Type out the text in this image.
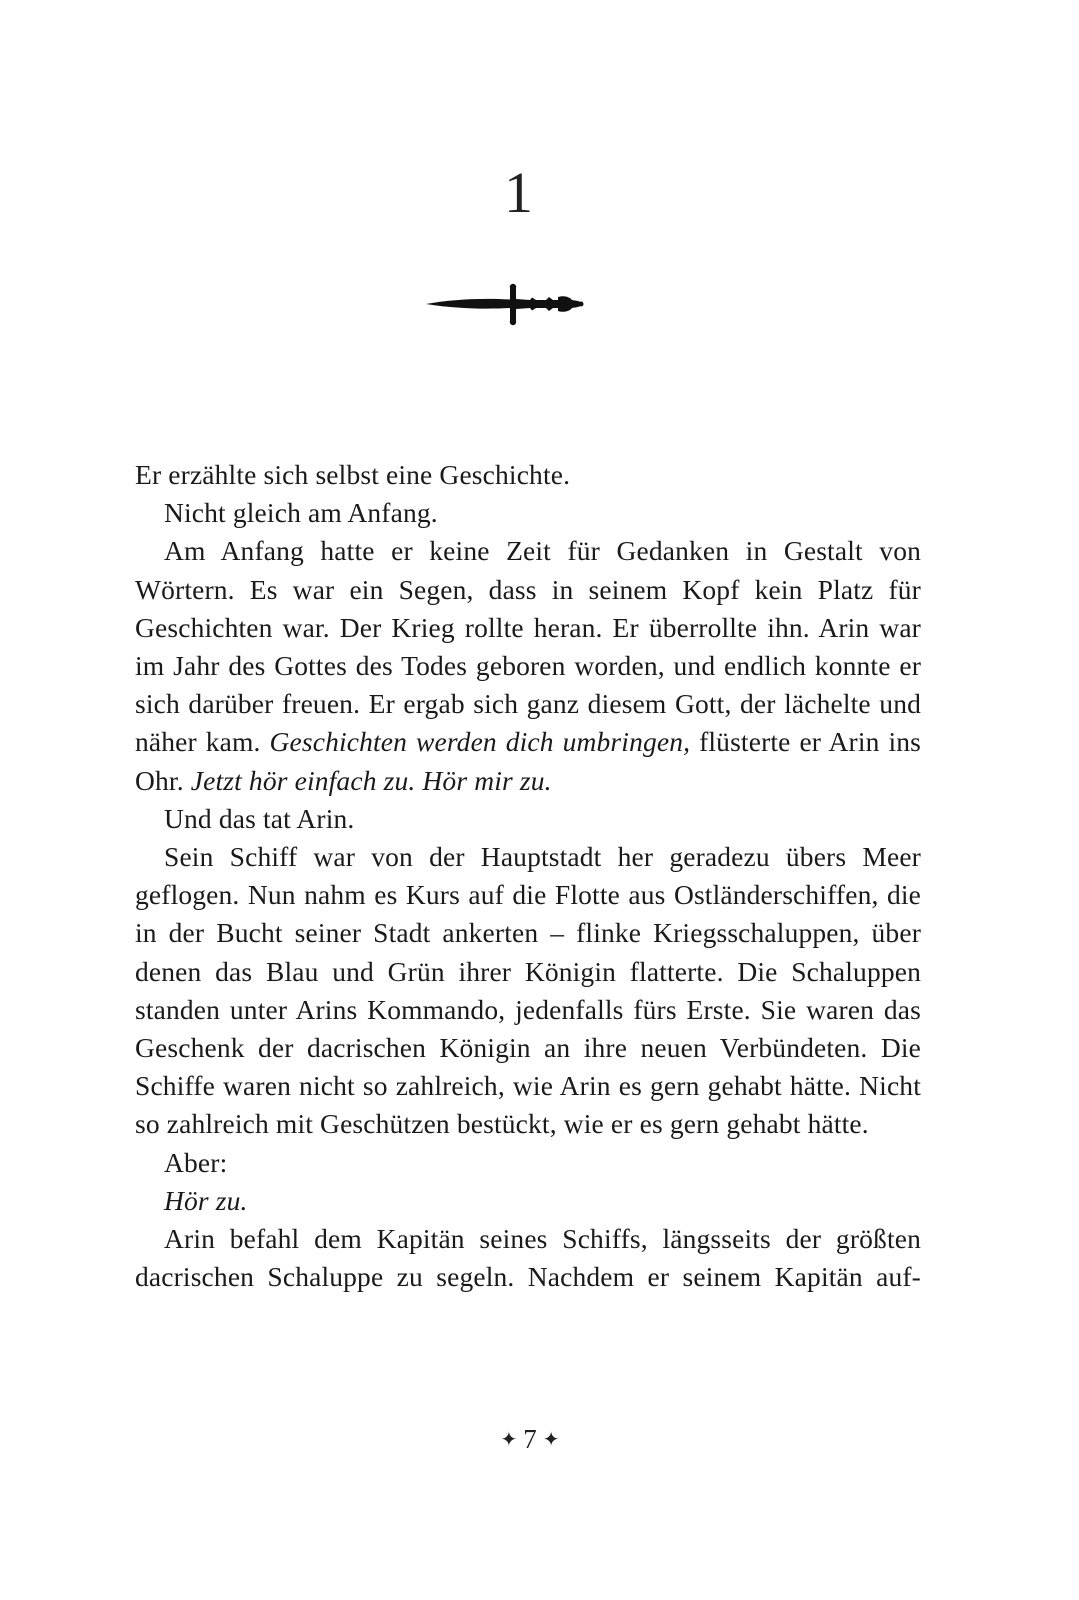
1

Er erzählte sich selbst eine Geschichte.

Nicht gleich am Anfang.

Am Anfang hatte er keine Zeit für Gedanken in Gestalt von Wörtern. Es war ein Segen, dass in seinem Kopf kein Platz für Geschichten war. Der Krieg rollte heran. Er überrollte ihn. Arin war im Jahr des Gottes des Todes geboren worden, und endlich konnte er sich darüber freuen. Er ergab sich ganz diesem Gott, der lächelte und näher kam. Geschichten werden dich umbringen, flüsterte er Arin ins Ohr. Jetzt hör einfach zu. Hör mir zu.

Und das tat Arin.

Sein Schiff war von der Hauptstadt her geradezu übers Meer geflogen. Nun nahm es Kurs auf die Flotte aus Ostländerschiffen, die in der Bucht seiner Stadt ankerten – flinke Kriegsschaluppen, über denen das Blau und Grün ihrer Königin flatterte. Die Schaluppen standen unter Arins Kommando, jedenfalls fürs Erste. Sie waren das Geschenk der dacrischen Königin an ihre neuen Verbündeten. Die Schiffe waren nicht so zahlreich, wie Arin es gern gehabt hätte. Nicht so zahlreich mit Geschützen bestückt, wie er es gern gehabt hätte.

Aber:

Hör zu.

Arin befahl dem Kapitän seines Schiffs, längsseits der größten dacrischen Schaluppe zu segeln. Nachdem er seinem Kapitän auf-

✦ 7 ✦
